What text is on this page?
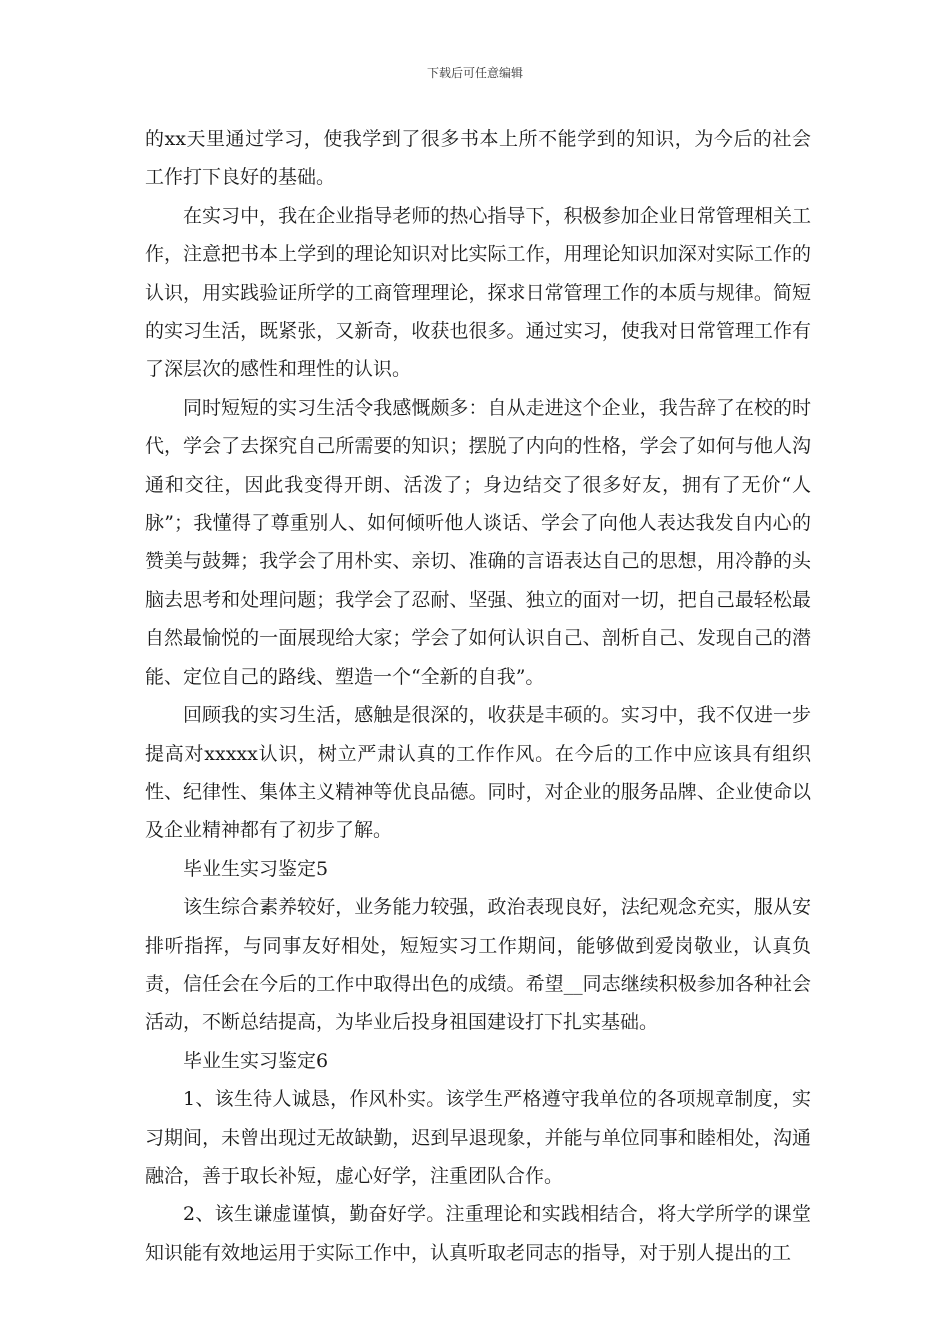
下载后可任意编辑

的xx天里通过学习，使我学到了很多书本上所不能学到的知识，为今后的社会工作打下良好的基础。

在实习中，我在企业指导老师的热心指导下，积极参加企业日常管理相关工作，注意把书本上学到的理论知识对比实际工作，用理论知识加深对实际工作的认识，用实践验证所学的工商管理理论，探求日常管理工作的本质与规律。简短的实习生活，既紧张，又新奇，收获也很多。通过实习，使我对日常管理工作有了深层次的感性和理性的认识。

同时短短的实习生活令我感慨颇多：自从走进这个企业，我告辞了在校的时代，学会了去探究自己所需要的知识；摆脱了内向的性格，学会了如何与他人沟通和交往，因此我变得开朗、活泼了；身边结交了很多好友，拥有了无价“人脉”；我懂得了尊重别人、如何倾听他人谈话、学会了向他人表达我发自内心的赞美与鼓舞；我学会了用朴实、亲切、准确的言语表达自己的思想，用冷静的头脑去思考和处理问题；我学会了忍耐、坚强、独立的面对一切，把自己最轻松最自然最愉悦的一面展现给大家；学会了如何认识自己、剖析自己、发现自己的潜能、定位自己的路线、塑造一个“全新的自我”。

回顾我的实习生活，感触是很深的，收获是丰硕的。实习中，我不仅进一步提高对xxxxx认识，树立严肃认真的工作作风。在今后的工作中应该具有组织性、纪律性、集体主义精神等优良品德。同时，对企业的服务品牌、企业使命以及企业精神都有了初步了解。

毕业生实习鉴定5

该生综合素养较好，业务能力较强，政治表现良好，法纪观念充实，服从安排听指挥，与同事友好相处，短短实习工作期间，能够做到爱岗敬业，认真负责，信任会在今后的工作中取得出色的成绩。希望__同志继续积极参加各种社会活动，不断总结提高，为毕业后投身祖国建设打下扎实基础。

毕业生实习鉴定6

1、该生待人诚恳，作风朴实。该学生严格遵守我单位的各项规章制度，实习期间，未曾出现过无故缺勤，迟到早退现象，并能与单位同事和睦相处，沟通融洽，善于取长补短，虚心好学，注重团队合作。

2、该生谦虚谨慎，勤奋好学。注重理论和实践相结合，将大学所学的课堂知识能有效地运用于实际工作中，认真听取老同志的指导，对于别人提出的工
